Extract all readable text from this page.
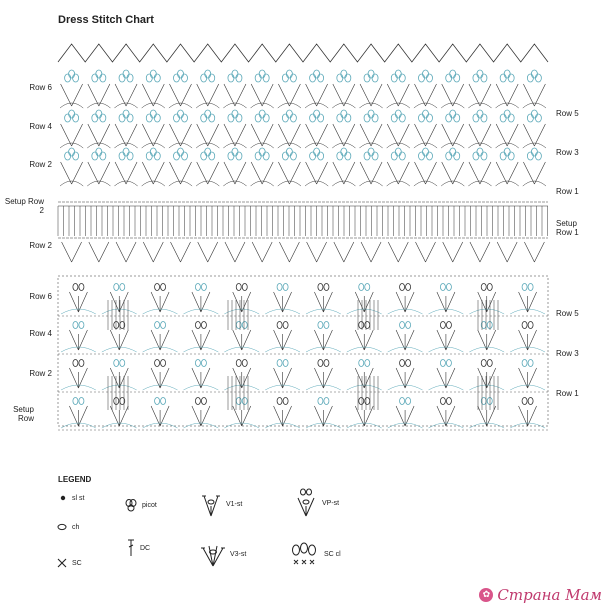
Dress Stitch Chart
Row 6
Row 4
Row 2
Setup Row 2
Row 2
Row 5
Row 3
Row 1
Setup Row 1
Row 6
Row 4
Row 2
Setup Row
Row 5
Row 3
Row 1
LEGEND
sl st
ch
SC
picot
DC
V1-st
V3-st
VP-st
SC cl
✿ Страна Мам
